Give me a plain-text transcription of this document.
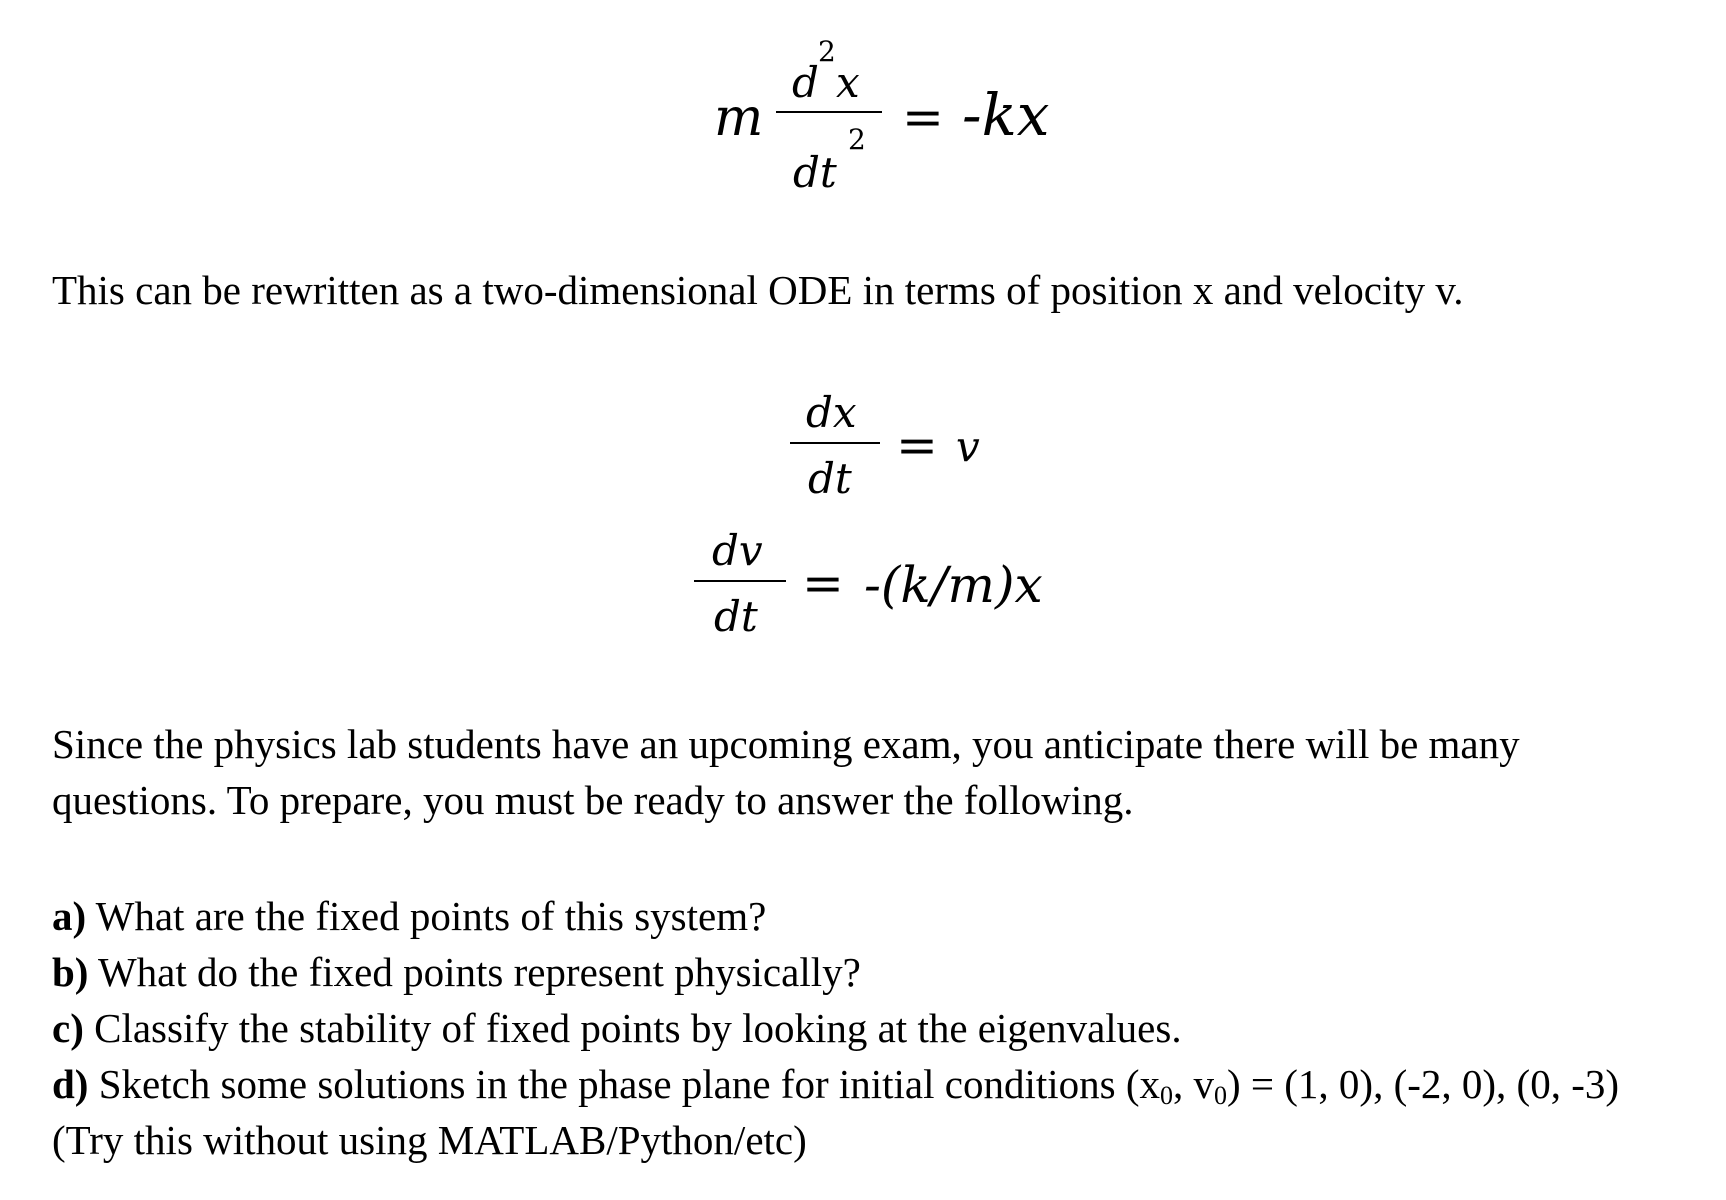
m
d
2
x
dt
2 = -kx
This can be rewritten as a two-dimensional ODE in terms of position x and velocity v.
dx
dt
= v
dv
dt
= -(k/m)x
Since the physics lab students have an upcoming exam, you anticipate there will be many
questions. To prepare, you must be ready to answer the following.
a) What are the fixed points of this system?
b) What do the fixed points represent physically?
c) Classify the stability of fixed points by looking at the eigenvalues.
d) Sketch some solutions in the phase plane for initial conditions ($x_0$, $v_0) = (1$, 0), (-2, 0), (0, -3)
(Try this without using MATLAB/Python/etc)
